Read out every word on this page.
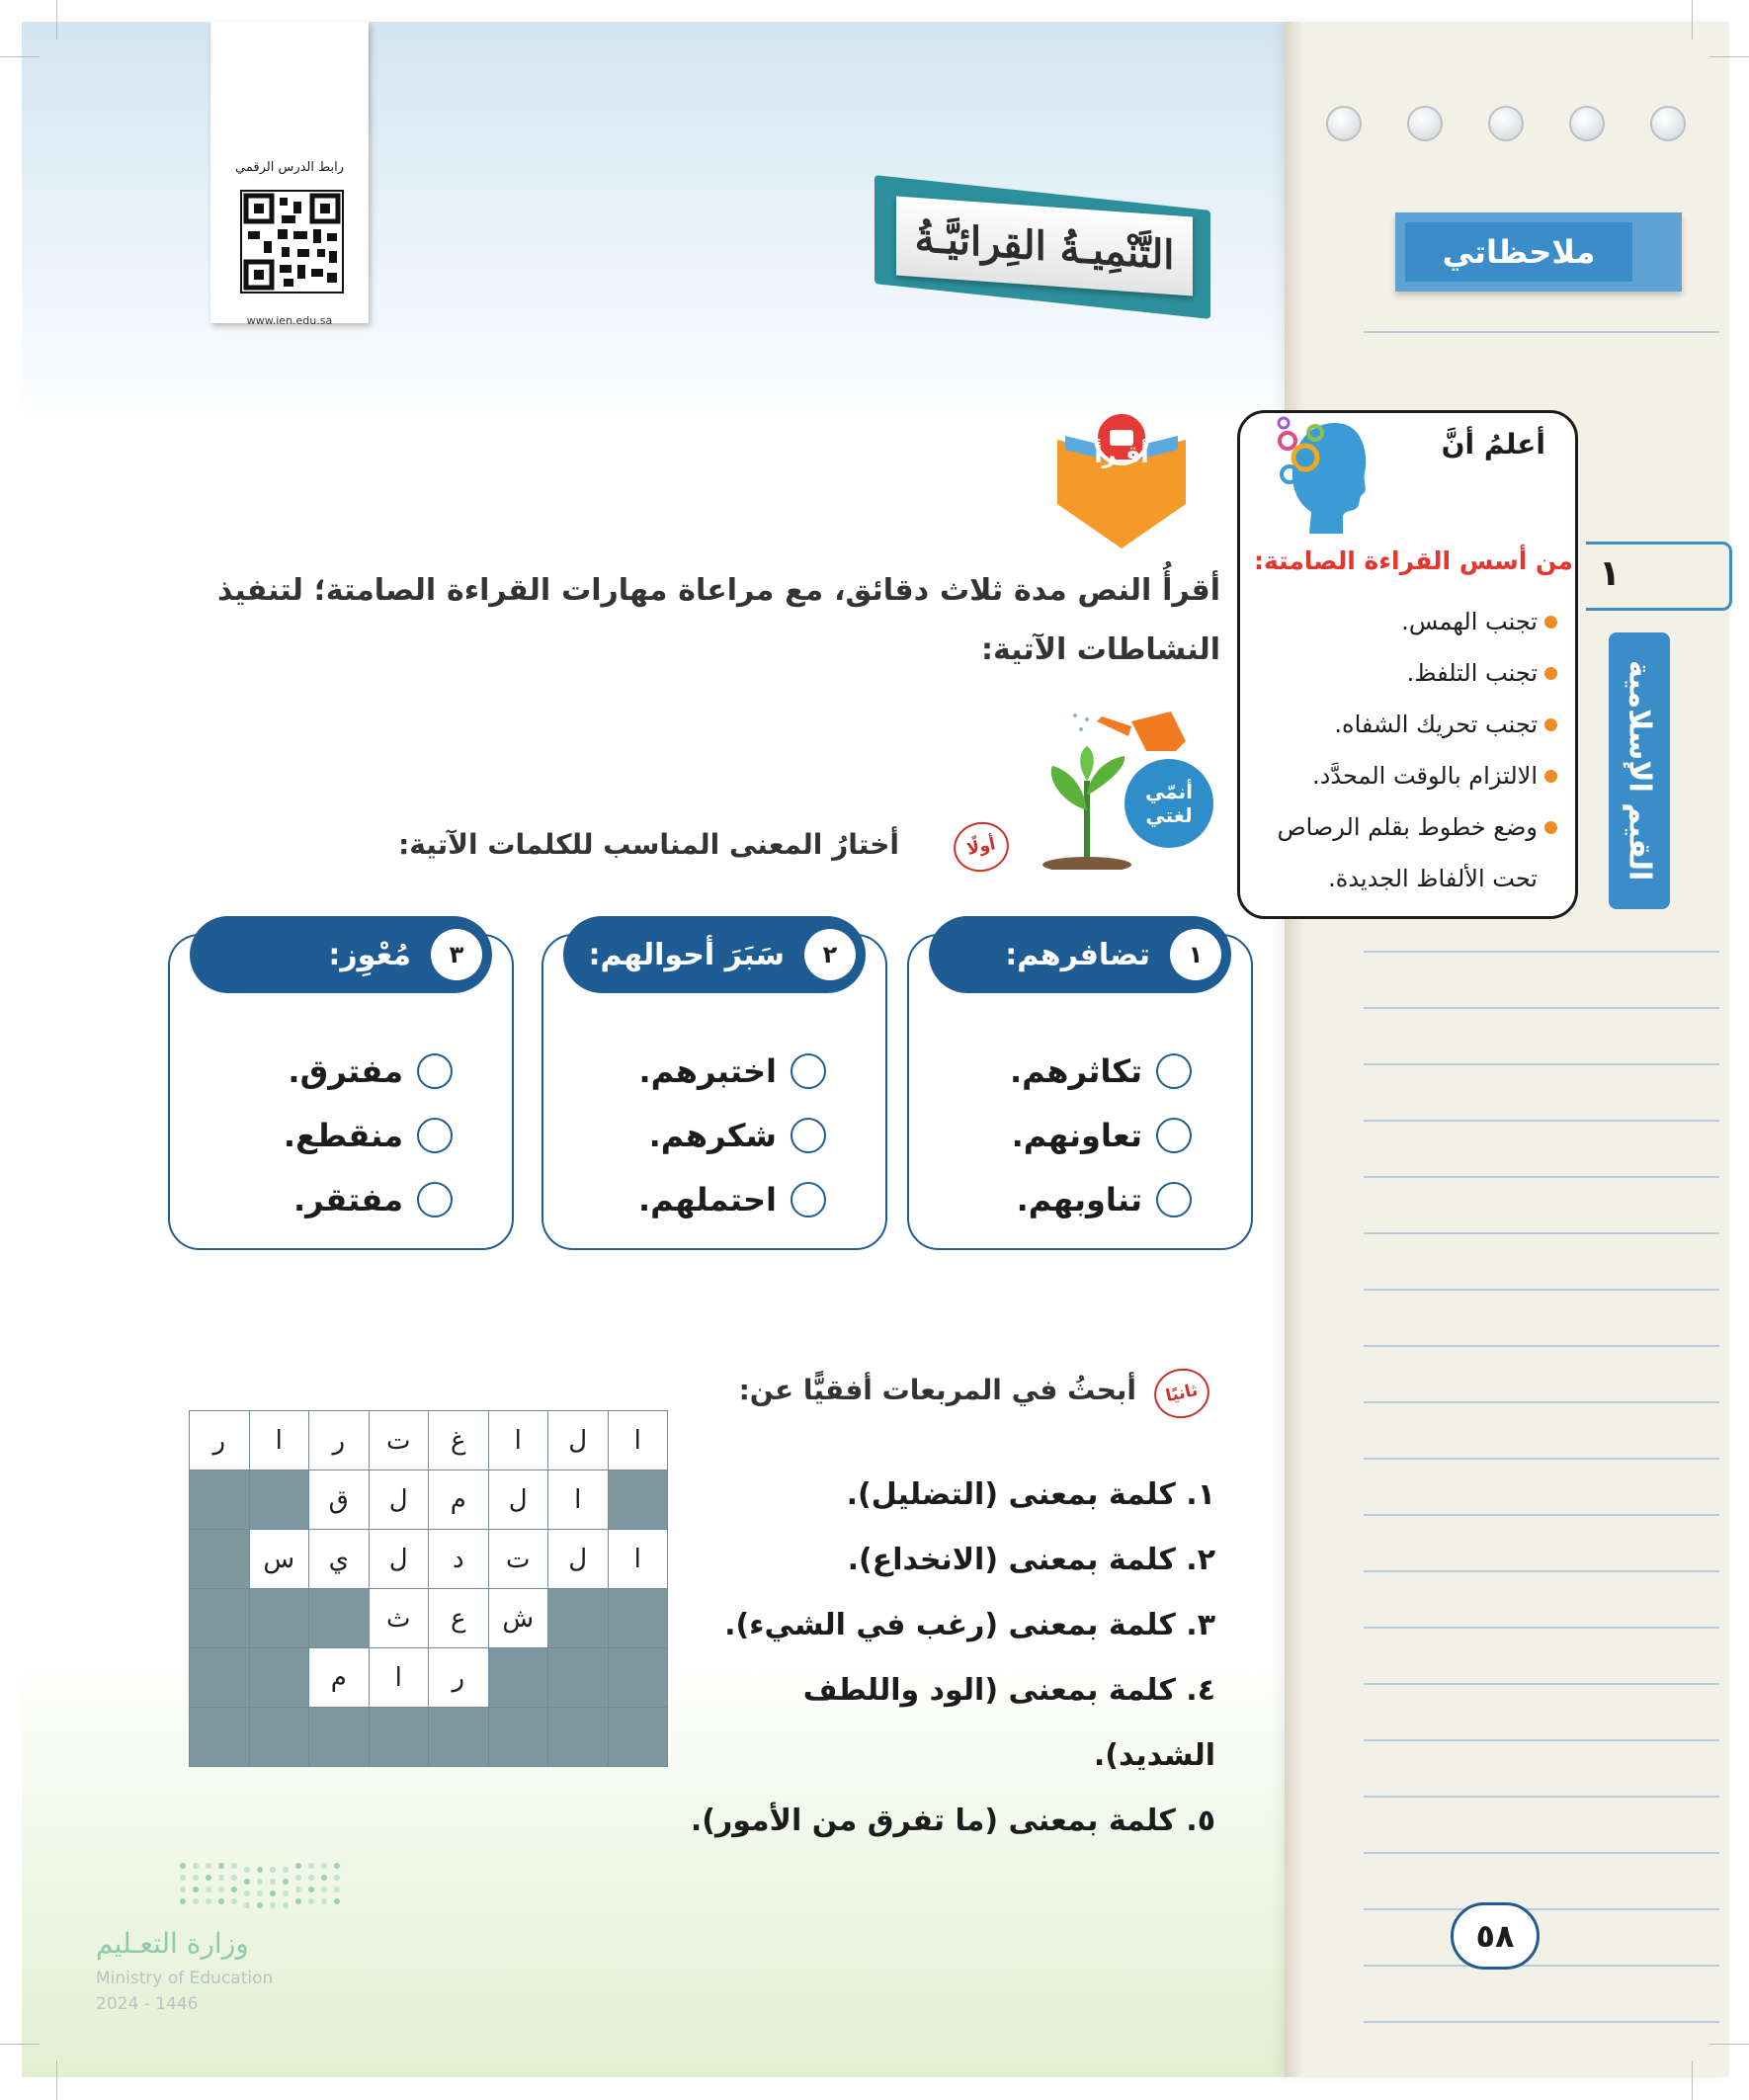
رابط الدرس الرقمي
www.ien.edu.sa
التَّنْمِيـةُ القِرائيَّـةُ	ملاحظاتي
١
القيم الإسلامية
أعلمُ أنَّ
من أسس القراءة الصامتة:
تجنب الهمس.
تجنب التلفظ.
تجنب تحريك الشفاه.
الالتزام بالوقت المحدَّد.
وضع خطوط بقلم الرصاص
تحت الألفاظ الجديدة.
أقـرأ
أقرأُ النص مدة ثلاث دقائق، مع مراعاة مهارات القراءة الصامتة؛ لتنفيذ النشاطات الآتية:
أنمّي
لغتي
أولًا
أختارُ المعنى المناسب للكلمات الآتية:
١
تضافرهم:
تكاثرهم.
تعاونهم.
تناوبهم.
٢
سَبَرَ أحوالهم:
اختبرهم.
شكرهم.
احتملهم.
٣
مُعْوِز:
مفترق.
منقطع.
مفتقر.
ثانيًا
أبحثُ في المربعات أفقيًّا عن:
ر	ا	ر	ت	غ	ا	ل	ا
		ق	ل	م	ل	ا	
	س	ي	ل	د	ت	ل	ا
			ث	ع	ش		
		م	ا	ر			

١. كلمة بمعنى (التضليل).
٢. كلمة بمعنى (الانخداع).
٣. كلمة بمعنى (رغب في الشيء).
٤. كلمة بمعنى (الود واللطف الشديد).
٥. كلمة بمعنى (ما تفرق من الأمور).
وزارة التعـليم
Ministry of Education
2024 - 1446
٥٨
